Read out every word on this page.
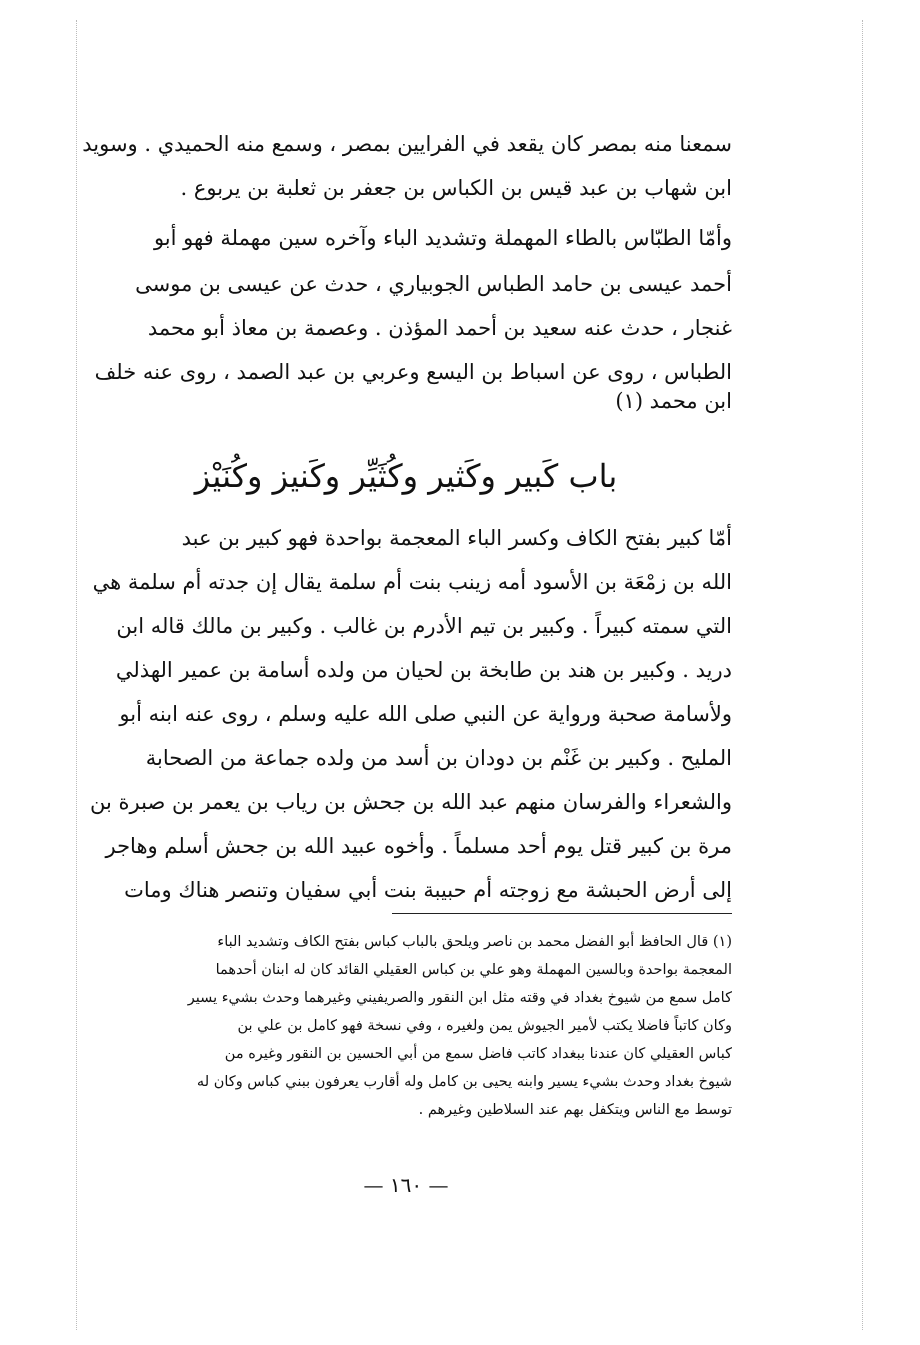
سمعنا منه بمصر كان يقعد في الفرايين بمصر ، وسمع منه الحميدي . وسويد
ابن شهاب بن عبد قيس بن الكباس بن جعفر بن ثعلبة بن يربوع .
وأمّا الطبّاس بالطاء المهملة وتشديد الباء وآخره سين مهملة فهو أبو
أحمد عيسى بن حامد الطباس الجوبياري ، حدث عن عيسى بن موسى
غنجار ، حدث عنه سعيد بن أحمد المؤذن . وعصمة بن معاذ أبو محمد
الطباس ، روى عن اسباط بن اليسع وعربي بن عبد الصمد ، روى عنه خلف
ابن محمد (١)
باب كَبير وكَثير وكُثَيِّر وكَنيز وكُنَيْز
أمّا كبير بفتح الكاف وكسر الباء المعجمة بواحدة فهو كبير بن عبد
الله بن زمْعَة بن الأسود أمه زينب بنت أم سلمة يقال إن جدته أم سلمة هي
التي سمته كبيراً . وكبير بن تيم الأدرم بن غالب . وكبير بن مالك قاله ابن
دريد . وكبير بن هند بن طابخة بن لحيان من ولده أسامة بن عمير الهذلي
ولأسامة صحبة ورواية عن النبي صلى الله عليه وسلم ، روى عنه ابنه أبو
المليح . وكبير بن غَنْم بن دودان بن أسد من ولده جماعة من الصحابة
والشعراء والفرسان منهم عبد الله بن جحش بن رياب بن يعمر بن صبرة بن
مرة بن كبير قتل يوم أحد مسلماً . وأخوه عبيد الله بن جحش أسلم وهاجر
إلى أرض الحبشة مع زوجته أم حبيبة بنت أبي سفيان وتنصر هناك ومات
(١) قال الحافظ أبو الفضل محمد بن ناصر ويلحق بالباب كباس بفتح الكاف وتشديد الباء
المعجمة بواحدة وبالسين المهملة وهو علي بن كباس العقيلي القائد كان له ابنان أحدهما
كامل سمع من شيوخ بغداد في وقته مثل ابن النقور والصريفيني وغيرهما وحدث بشيء يسير
وكان كاتباً فاضلا يكتب لأمير الجيوش يمن ولغيره ، وفي نسخة فهو كامل بن علي بن
كباس العقيلي كان عندنا ببغداد كاتب فاضل سمع من أبي الحسين بن النقور وغيره من
شيوخ بغداد وحدث بشيء يسير وابنه يحيى بن كامل وله أقارب يعرفون ببني كباس وكان له
توسط مع الناس ويتكفل بهم عند السلاطين وغيرهم .
— ١٦٠ —
